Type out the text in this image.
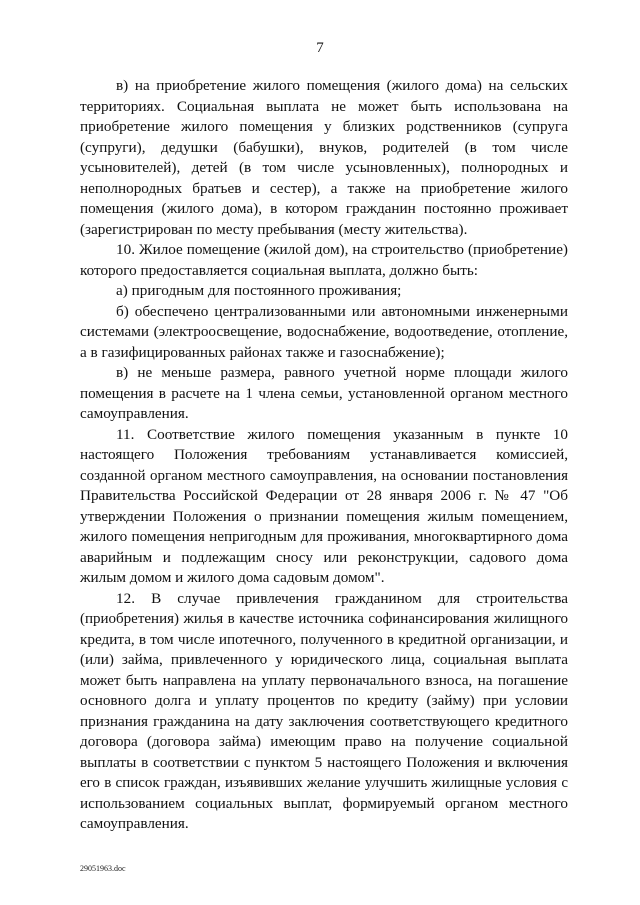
7
в) на приобретение жилого помещения (жилого дома) на сельских
территориях. Социальная выплата не может быть использована на
приобретение жилого помещения у близких родственников (супруга
(супруги), дедушки (бабушки), внуков, родителей (в том числе
усыновителей), детей (в том числе усыновленных), полнородных и
неполнородных братьев и сестер), а также на приобретение жилого
помещения (жилого дома), в котором гражданин постоянно проживает
(зарегистрирован по месту пребывания (месту жительства).
10. Жилое помещение (жилой дом), на строительство (приобретение)
которого предоставляется социальная выплата, должно быть:
а) пригодным для постоянного проживания;
б) обеспечено централизованными или автономными инженерными
системами (электроосвещение, водоснабжение, водоотведение, отопление,
а в газифицированных районах также и газоснабжение);
в) не меньше размера, равного учетной норме площади жилого
помещения в расчете на 1 члена семьи, установленной органом местного
самоуправления.
11. Соответствие жилого помещения указанным в пункте 10
настоящего Положения требованиям устанавливается комиссией,
созданной органом местного самоуправления, на основании постановления
Правительства Российской Федерации от 28 января 2006 г. № 47 "Об
утверждении Положения о признании помещения жилым помещением,
жилого помещения непригодным для проживания, многоквартирного дома
аварийным и подлежащим сносу или реконструкции, садового дома
жилым домом и жилого дома садовым домом".
12. В случае привлечения гражданином для строительства
(приобретения) жилья в качестве источника софинансирования жилищного
кредита, в том числе ипотечного, полученного в кредитной организации, и
(или) займа, привлеченного у юридического лица, социальная выплата
может быть направлена на уплату первоначального взноса, на погашение
основного долга и уплату процентов по кредиту (займу) при условии
признания гражданина на дату заключения соответствующего кредитного
договора (договора займа) имеющим право на получение социальной
выплаты в соответствии с пунктом 5 настоящего Положения и включения
его в список граждан, изъявивших желание улучшить жилищные условия с
использованием социальных выплат, формируемый органом местного
самоуправления.
29051963.doc
